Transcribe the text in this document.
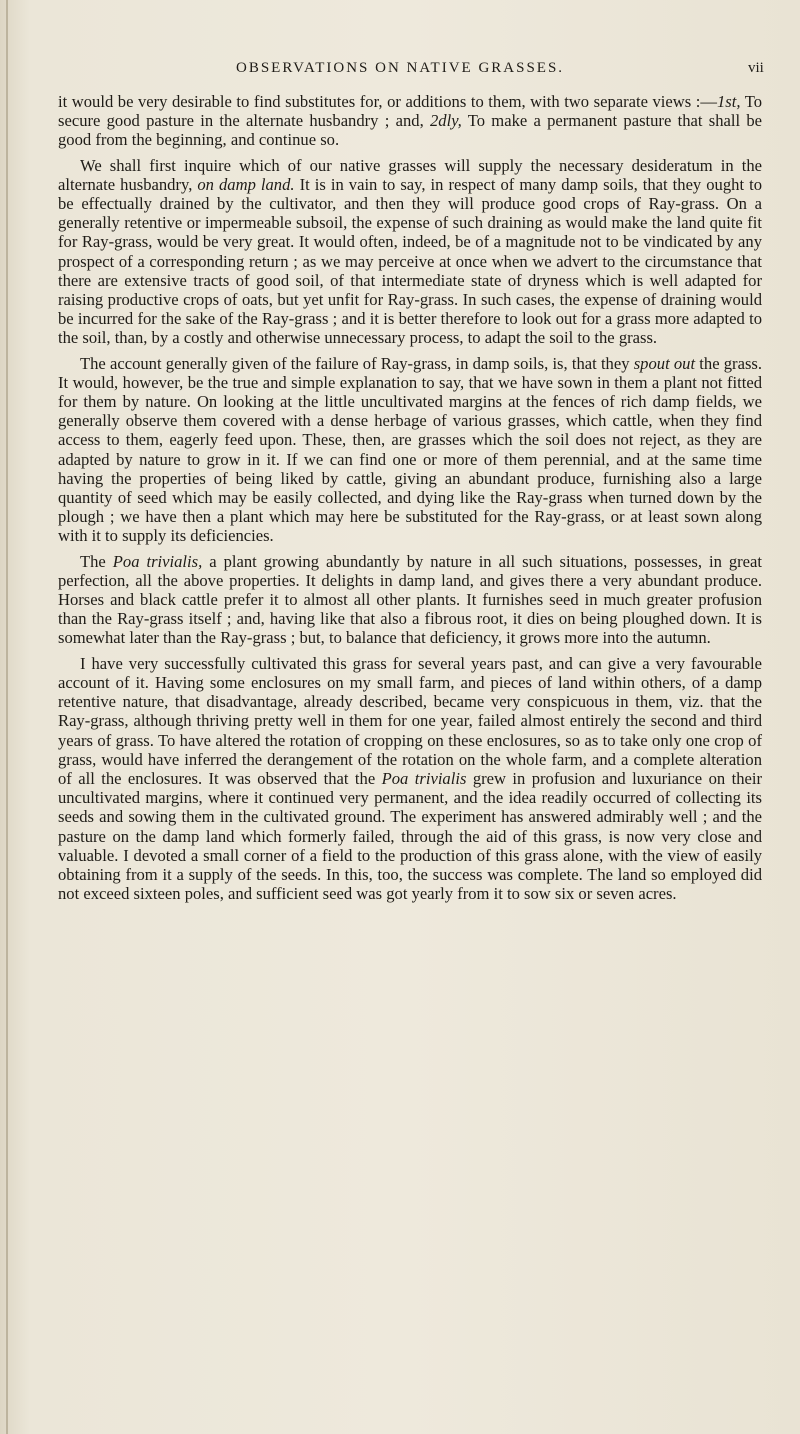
OBSERVATIONS ON NATIVE GRASSES.	vii

it would be very desirable to find substitutes for, or additions to them, with two separate views :—1st, To secure good pasture in the alternate husbandry ; and, 2dly, To make a permanent pasture that shall be good from the beginning, and continue so.

We shall first inquire which of our native grasses will supply the necessary desideratum in the alternate husbandry, on damp land. It is in vain to say, in respect of many damp soils, that they ought to be effectually drained by the cultivator, and then they will produce good crops of Ray-grass. On a generally retentive or impermeable subsoil, the expense of such draining as would make the land quite fit for Ray-grass, would be very great. It would often, indeed, be of a magnitude not to be vindicated by any prospect of a corresponding return ; as we may perceive at once when we advert to the circumstance that there are extensive tracts of good soil, of that intermediate state of dryness which is well adapted for raising productive crops of oats, but yet unfit for Ray-grass. In such cases, the expense of draining would be incurred for the sake of the Ray-grass ; and it is better therefore to look out for a grass more adapted to the soil, than, by a costly and otherwise unnecessary process, to adapt the soil to the grass.

The account generally given of the failure of Ray-grass, in damp soils, is, that they spout out the grass. It would, however, be the true and simple explanation to say, that we have sown in them a plant not fitted for them by nature. On looking at the little uncultivated margins at the fences of rich damp fields, we generally observe them covered with a dense herbage of various grasses, which cattle, when they find access to them, eagerly feed upon. These, then, are grasses which the soil does not reject, as they are adapted by nature to grow in it. If we can find one or more of them perennial, and at the same time having the properties of being liked by cattle, giving an abundant produce, furnishing also a large quantity of seed which may be easily collected, and dying like the Ray-grass when turned down by the plough ; we have then a plant which may here be substituted for the Ray-grass, or at least sown along with it to supply its deficiencies.

The Poa trivialis, a plant growing abundantly by nature in all such situations, possesses, in great perfection, all the above properties. It delights in damp land, and gives there a very abundant produce. Horses and black cattle prefer it to almost all other plants. It furnishes seed in much greater profusion than the Ray-grass itself ; and, having like that also a fibrous root, it dies on being ploughed down. It is somewhat later than the Ray-grass ; but, to balance that deficiency, it grows more into the autumn.

I have very successfully cultivated this grass for several years past, and can give a very favourable account of it. Having some enclosures on my small farm, and pieces of land within others, of a damp retentive nature, that disadvantage, already described, became very conspicuous in them, viz. that the Ray-grass, although thriving pretty well in them for one year, failed almost entirely the second and third years of grass. To have altered the rotation of cropping on these enclosures, so as to take only one crop of grass, would have inferred the derangement of the rotation on the whole farm, and a complete alteration of all the enclosures. It was observed that the Poa trivialis grew in profusion and luxuriance on their uncultivated margins, where it continued very permanent, and the idea readily occurred of collecting its seeds and sowing them in the cultivated ground. The experiment has answered admirably well ; and the pasture on the damp land which formerly failed, through the aid of this grass, is now very close and valuable. I devoted a small corner of a field to the production of this grass alone, with the view of easily obtaining from it a supply of the seeds. In this, too, the success was complete. The land so employed did not exceed sixteen poles, and sufficient seed was got yearly from it to sow six or seven acres.
